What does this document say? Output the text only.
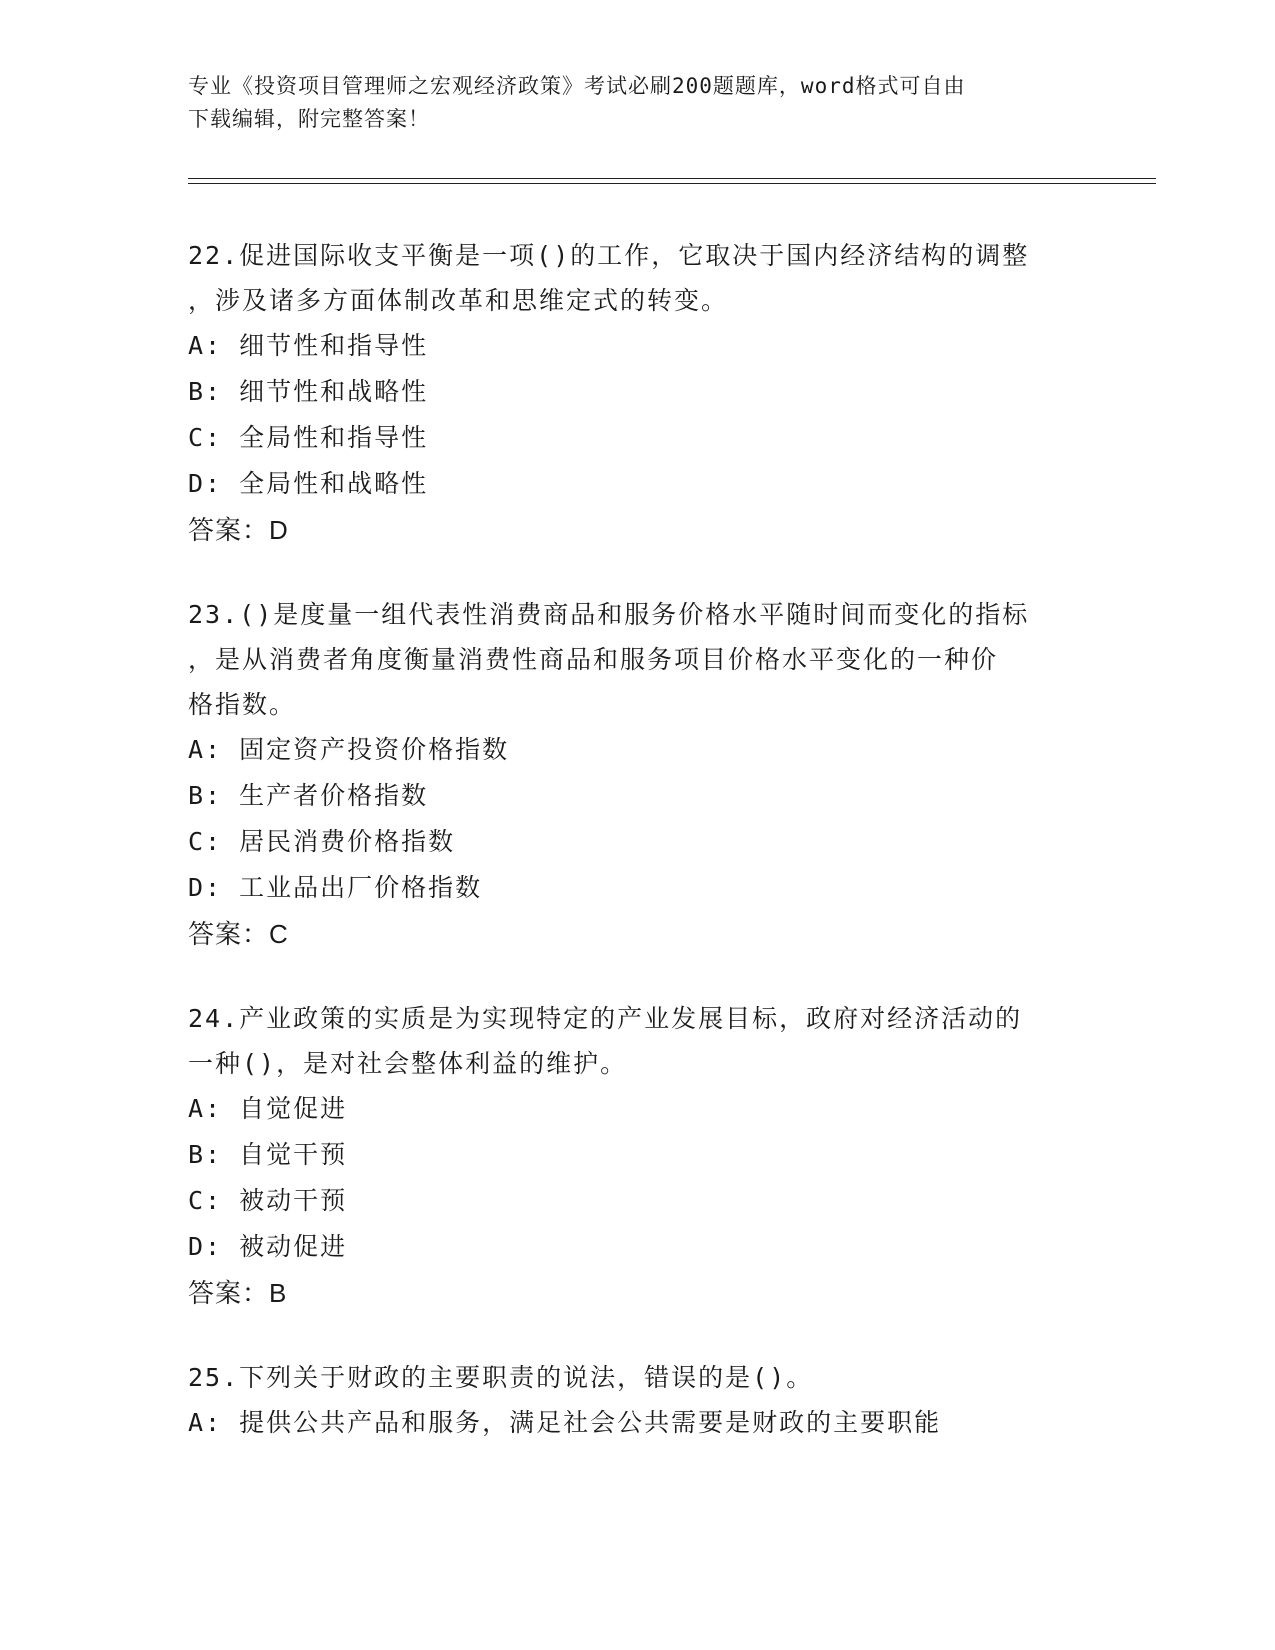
专业《投资项目管理师之宏观经济政策》考试必刷200题题库，word格式可自由
下载编辑，附完整答案！
22.促进国际收支平衡是一项()的工作，它取决于国内经济结构的调整
，涉及诸多方面体制改革和思维定式的转变。
A: 细节性和指导性
B: 细节性和战略性
C: 全局性和指导性
D: 全局性和战略性
答案：D
23.()是度量一组代表性消费商品和服务价格水平随时间而变化的指标
，是从消费者角度衡量消费性商品和服务项目价格水平变化的一种价
格指数。
A: 固定资产投资价格指数
B: 生产者价格指数
C: 居民消费价格指数
D: 工业品出厂价格指数
答案：C
24.产业政策的实质是为实现特定的产业发展目标，政府对经济活动的
一种()，是对社会整体利益的维护。
A: 自觉促进
B: 自觉干预
C: 被动干预
D: 被动促进
答案：B
25.下列关于财政的主要职责的说法，错误的是()。
A: 提供公共产品和服务，满足社会公共需要是财政的主要职能
